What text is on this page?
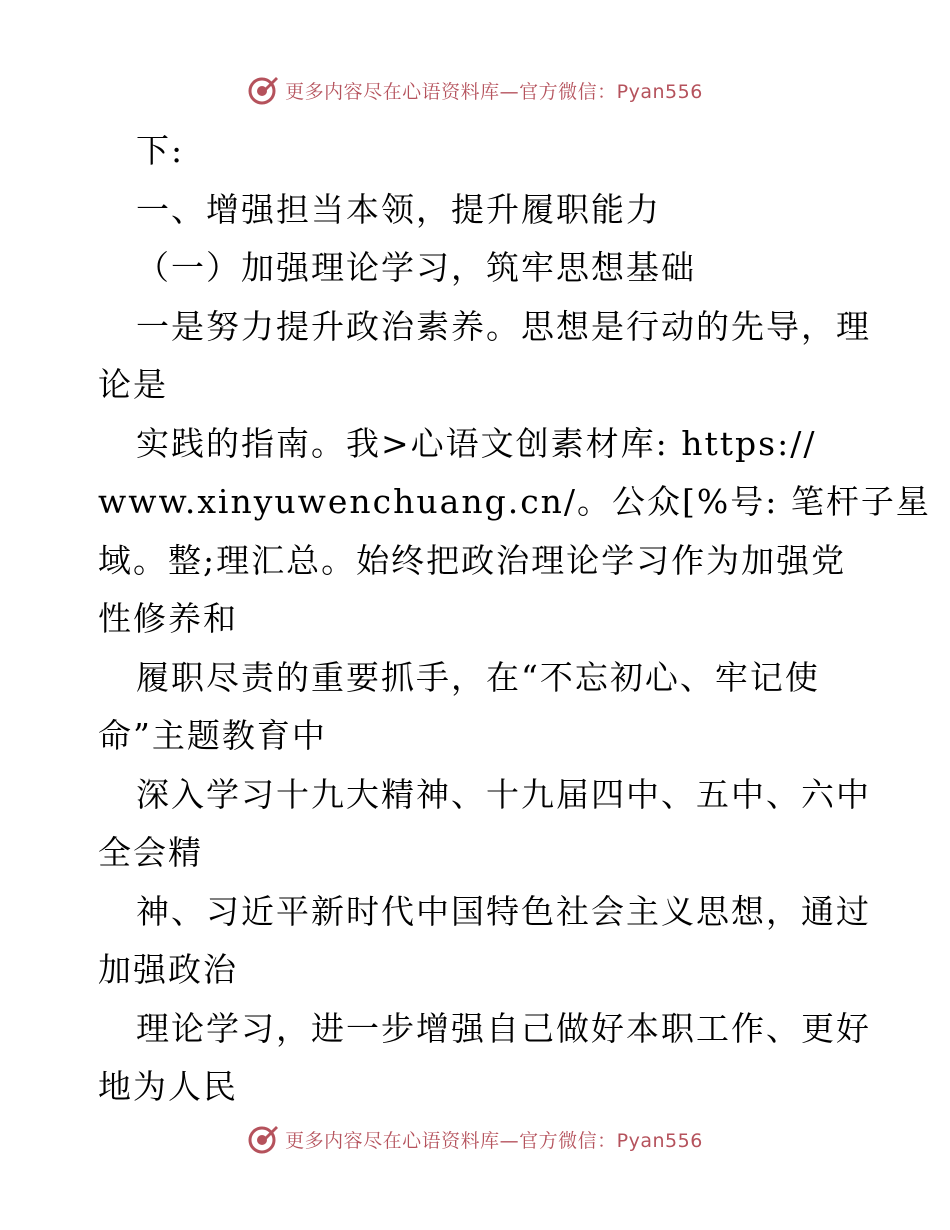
更多内容尽在心语资料库—官方微信：Pyan556
下:
一、增强担当本领，提升履职能力
（一）加强理论学习，筑牢思想基础
一是努力提升政治素养。思想是行动的先导，理
论是
实践的指南。我>心语文创素材库: https://
www.xinyuwenchuang.cn/。公众[%号: 笔杆子星
域。整;理汇总。始终把政治理论学习作为加强党
性修养和
履职尽责的重要抓手，在“不忘初心、牢记使
命”主题教育中
深入学习十九大精神、十九届四中、五中、六中
全会精
神、习近平新时代中国特色社会主义思想，通过
加强政治
理论学习，进一步增强自己做好本职工作、更好
地为人民
更多内容尽在心语资料库—官方微信：Pyan556
